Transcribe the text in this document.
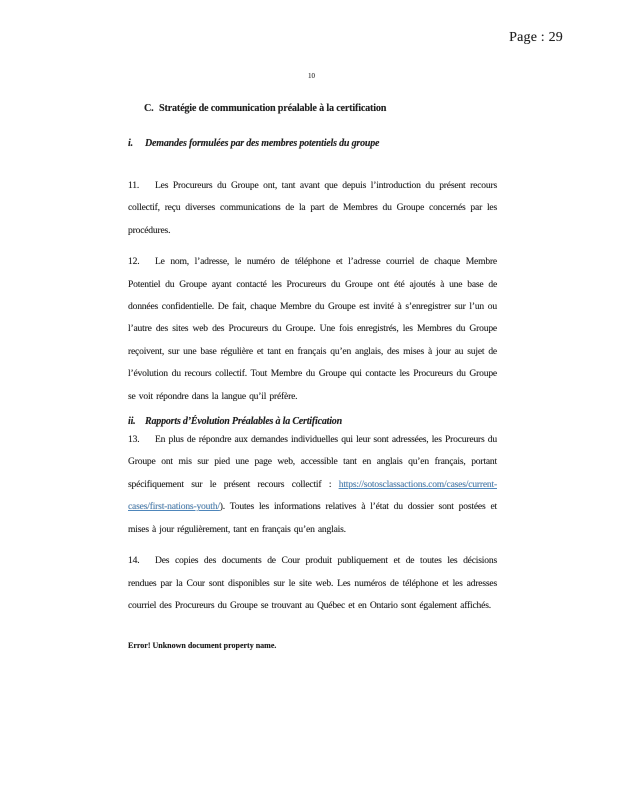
Page : 29
10

C. Stratégie de communication préalable à la certification

i. Demandes formulées par des membres potentiels du groupe

11. Les Procureurs du Groupe ont, tant avant que depuis l’introduction du présent recours collectif, reçu diverses communications de la part de Membres du Groupe concernés par les procédures.

12. Le nom, l’adresse, le numéro de téléphone et l’adresse courriel de chaque Membre Potentiel du Groupe ayant contacté les Procureurs du Groupe ont été ajoutés à une base de données confidentielle. De fait, chaque Membre du Groupe est invité à s’enregistrer sur l’un ou l’autre des sites web des Procureurs du Groupe. Une fois enregistrés, les Membres du Groupe reçoivent, sur une base régulière et tant en français qu’en anglais, des mises à jour au sujet de l’évolution du recours collectif. Tout Membre du Groupe qui contacte les Procureurs du Groupe se voit répondre dans la langue qu’il préfère.

ii. Rapports d’Évolution Préalables à la Certification

13. En plus de répondre aux demandes individuelles qui leur sont adressées, les Procureurs du Groupe ont mis sur pied une page web, accessible tant en anglais qu’en français, portant spécifiquement sur le présent recours collectif : https://sotosclassactions.com/cases/current-cases/first-nations-youth/). Toutes les informations relatives à l’état du dossier sont postées et mises à jour régulièrement, tant en français qu’en anglais.

14. Des copies des documents de Cour produit publiquement et de toutes les décisions rendues par la Cour sont disponibles sur le site web. Les numéros de téléphone et les adresses courriel des Procureurs du Groupe se trouvant au Québec et en Ontario sont également affichés.

Error! Unknown document property name.
